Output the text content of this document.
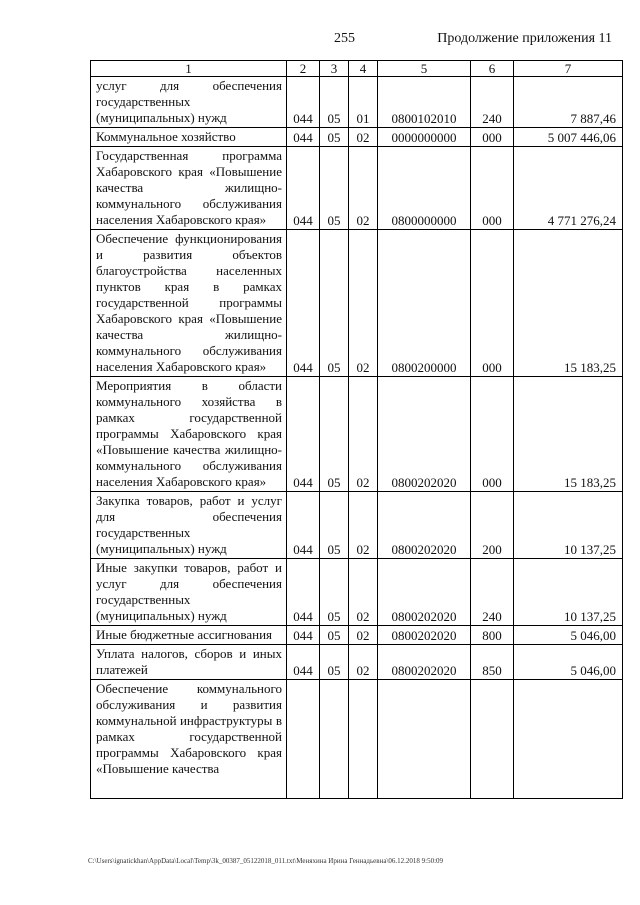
255	Продолжение приложения 11
1	2	3	4	5	6	7
услуг для обеспечения государственных (муниципальных) нужд	044	05	01	0800102010	240	7 887,46
Коммунальное хозяйство	044	05	02	0000000000	000	5 007 446,06
Государственная программа Хабаровского края «Повышение качества жилищно-коммунального обслуживания населения Хабаровского края»	044	05	02	0800000000	000	4 771 276,24
Обеспечение функционирования и развития объектов благоустройства населенных пунктов края в рамках государственной программы Хабаровского края «Повышение качества жилищно-коммунального обслуживания населения Хабаровского края»	044	05	02	0800200000	000	15 183,25
Мероприятия в области коммунального хозяйства в рамках государственной программы Хабаровского края «Повышение качества жилищно-коммунального обслуживания населения Хабаровского края»	044	05	02	0800202020	000	15 183,25
Закупка товаров, работ и услуг для обеспечения государственных (муниципальных) нужд	044	05	02	0800202020	200	10 137,25
Иные закупки товаров, работ и услуг для обеспечения государственных (муниципальных) нужд	044	05	02	0800202020	240	10 137,25
Иные бюджетные ассигнования	044	05	02	0800202020	800	5 046,00
Уплата налогов, сборов и иных платежей	044	05	02	0800202020	850	5 046,00
Обеспечение коммунального обслуживания и развития коммунальной инфраструктуры в рамках государственной программы Хабаровского края «Повышение качества						
C:\Users\ignatickhan\AppData\Local\Temp\3k_00387_05122018_011.txt\Меняхина Ирина Геннадьевна\06.12.2018 9:50:09
